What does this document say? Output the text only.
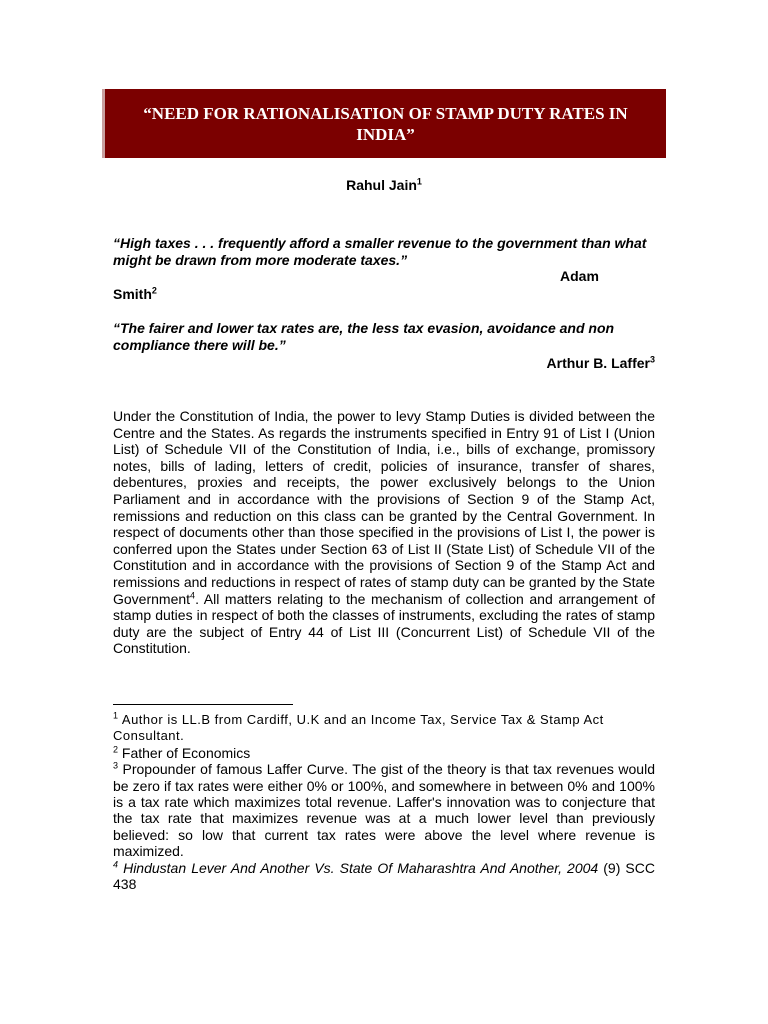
“NEED FOR RATIONALISATION OF STAMP DUTY RATES IN INDIA”
Rahul Jain$^1$

“High taxes . . . frequently afford a smaller revenue to the government than what might be drawn from more moderate taxes.”

Adam
Smith$^2$

“The fairer and lower tax rates are, the less tax evasion, avoidance and non compliance there will be.”

Arthur B. Laffer$^3$

Under the Constitution of India, the power to levy Stamp Duties is divided between the Centre and the States. As regards the instruments specified in Entry 91 of List I (Union List) of Schedule VII of the Constitution of India, i.e., bills of exchange, promissory notes, bills of lading, letters of credit, policies of insurance, transfer of shares, debentures, proxies and receipts, the power exclusively belongs to the Union Parliament and in accordance with the provisions of Section 9 of the Stamp Act, remissions and reduction on this class can be granted by the Central Government. In respect of documents other than those specified in the provisions of List I, the power is conferred upon the States under Section 63 of List II (State List) of Schedule VII of the Constitution and in accordance with the provisions of Section 9 of the Stamp Act and remissions and reductions in respect of rates of stamp duty can be granted by the State Government$^4$. All matters relating to the mechanism of collection and arrangement of stamp duties in respect of both the classes of instruments, excluding the rates of stamp duty are the subject of Entry 44 of List III (Concurrent List) of Schedule VII of the Constitution.

$^1$ Author is LL.B from Cardiff, U.K and an Income Tax, Service Tax & Stamp Act Consultant.

$^2$ Father of Economics

$^3$ Propounder of famous Laffer Curve. The gist of the theory is that tax revenues would be zero if tax rates were either 0% or 100%, and somewhere in between 0% and 100% is a tax rate which maximizes total revenue. Laffer's innovation was to conjecture that the tax rate that maximizes revenue was at a much lower level than previously believed: so low that current tax rates were above the level where revenue is maximized.

$^4$ Hindustan Lever And Another Vs. State Of Maharashtra And Another, 2004 (9) SCC 438
